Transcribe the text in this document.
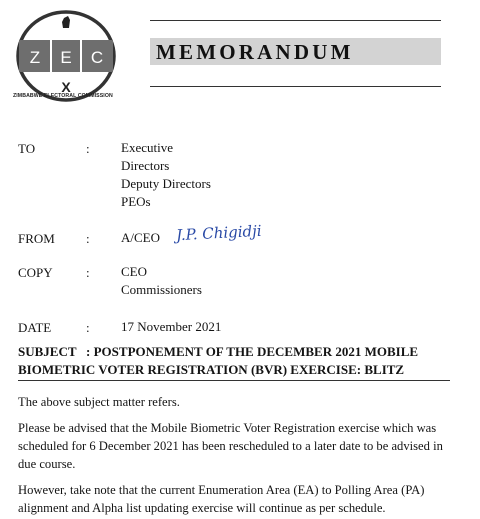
Z E C
X
ZIMBABWE ELECTORAL COMMISSION
MEMORANDUM
TO	: Executive
Directors
Deputy Directors
PEOs
FROM : A/CEO J.P. Chigidji
COPY	: CEO
Commissioners
DATE	: 17 November 2021
SUBJECT   : POSTPONEMENT OF THE DECEMBER 2021 MOBILE
BIOMETRIC VOTER REGISTRATION (BVR) EXERCISE: BLITZ
The above subject matter refers.
Please be advised that the Mobile Biometric Voter Registration exercise which was scheduled for 6 December 2021 has been rescheduled to a later date to be advised in due course.
However, take note that the current Enumeration Area (EA) to Polling Area (PA) alignment and Alpha list updating exercise will continue as per schedule.
